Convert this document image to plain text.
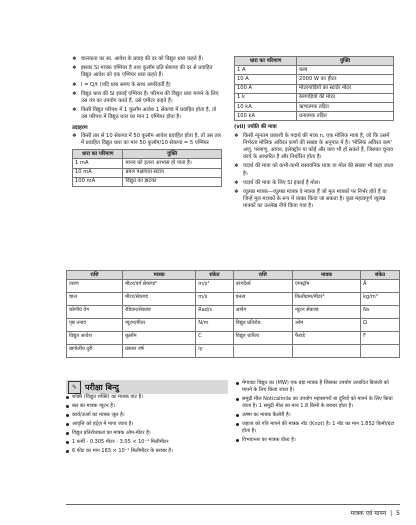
❖ चालकता का सा. आवेश के प्रवाह की दर को विद्युत धारा कहते हैं।
❖ इसका SI मात्रक एम्पियर है तथा कूलॉम प्रति सेकण्ड की दर से प्रवाहित विद्युत आवेश को एक एम्पियर धारा कहते हैं।
❖ I = Q/t (यदि धारा समय के साथ अपरिवर्ती है)
❖ विद्युत धारा की SI इकाई एम्पियर है। परिपथ की विद्युत धारा मापने के लिए उस यंत्र का उपयोग करते हैं, उसे एमीटर कहते हैं।
❖ किसी विद्युत परिपथ में 1 कूलॉम आवेश 1 सेकण्ड में प्रवाहित होता है, तो उस परिपथ में विद्युत धारा का मान 1 एम्पियर होता है।
उदाहरण
❖ किसी तार से 10 सेकण्ड में 50 कूलॉम आवेश प्रवाहित होता है, तो उस तार में प्रवाहित विद्युत धारा का मान 50 कूलॉम/10 सेकण्ड = 5 एम्पियर
धारा का परिमाण	युक्ति
1 mA	मानव को इतना आभास हो पाता है।
10 mA	प्रबल पक्षाघात सटाव
100 mA	विद्युत का झटका
धारा का परिमाण	युक्ति
1 A	बल्ब
10 A	2000 W का हीटर
100 A	मोटरगाड़ियों का स्टार्टर मोटर
1 k	रेलगाड़ियों की मोटर
10 kA	ऋणात्मक तड़ित
100 kA	धनात्मक तड़ित
(vii) ज्योति की मात्रा
❖ किसी न्यूनतम प्रकाशी के पदार्थ की मात्रा n, एक मोलिक मात्रा है, जो कि उसमें निर्भरता मोलिक अविरत कणों की सख्या के अनुपात में है। 'मोलिक अविरत कण' अणु, परमाणु, आयन, इलेक्ट्रॉन या कोई और कण भी हो सकते हैं, जिसका चुनाव कार्य के आधारित है और निर्धारित होता है।
❖ पदार्थ की मात्रा को कभी-कभी रासायनिक मात्रा या मोल की संख्या भी कहा जाता है।
❖ पदार्थ की मात्रा के लिए SI इकाई है मोल।
❖ व्युत्पन्न मात्रक—व्युत्पन्न मात्रक वे मात्रक हैं जो मूल मात्रकों पर निर्भर होते हैं या जिन्हें मूल मात्रकों के रूप में व्यक्त किया जा सकता है। कुछ महत्वपूर्ण व्युत्पन्न मात्रकों का उल्लेख नीचे किया गया है।
राशि	मात्रक	संकेत	राशि	मात्रक	संकेत
त्वरण	मीटर/वर्ग सेकण्ड²	m/s²	तरंगदैर्ध्य	एंगस्ट्रॉम	Å
चाल	मीटर/सेकण्ड	m/s	घनत्व	किलोग्राम/मीटर³	kg/m³
कोणीय वेग	रेडियन/सेकण्ड	Rad/s	आवेग	न्यूटन सेकण्ड	Ns
पृष्ठ तनाव	न्यूटन/मीटर	N/m	विद्युत प्रतिरोध	ओम	Ω
विद्युत आवेश	कूलॉम	C	विद्युत धारिता	फैराडे	F
खगोलीय दूरी	प्रकाश वर्ष	ly			
✎ परीक्षा बिन्दु
शक्ति (विद्युत शक्ति) का मात्रक वाट है।
बल का मात्रक न्यूटन है।
कार्य/ऊर्जा का मात्रक जूल है।
आवृत्ति को हर्ट्ज़ में मापा जाता है।
विद्युत प्रतिरोधकता का मात्रक ओम-मीटर है।
1 फर्मी - 0.305 मीटर - 3.05 × 10⁻¹ मिलीमीटर
6 फीट का मान 183 × 10⁻¹ मिलीमीटर के बराबर है।
मेगावाट विद्युत का (MW) एक बड़ा मात्रक है जिसका उपयोग उत्पादित बिजली को मापने के लिए किया जाता है।
समुद्री मील Noticalmile का उपयोग महासागरों या दूरियों को मापने के लिए किया जाता है। 1 समुद्री मील का मान 1.8 किमी के बराबर होता है।
ऊष्मा का मात्रक कैलोरी है।
जहाज को गति मापने की मात्रक नॉट (Knot) है। 1 नॉट का मान 1.852 किमी/घंटा होता है।
विभवान्तर का मात्रक वोल्ट है।
मात्रक एवं मापन | 5
